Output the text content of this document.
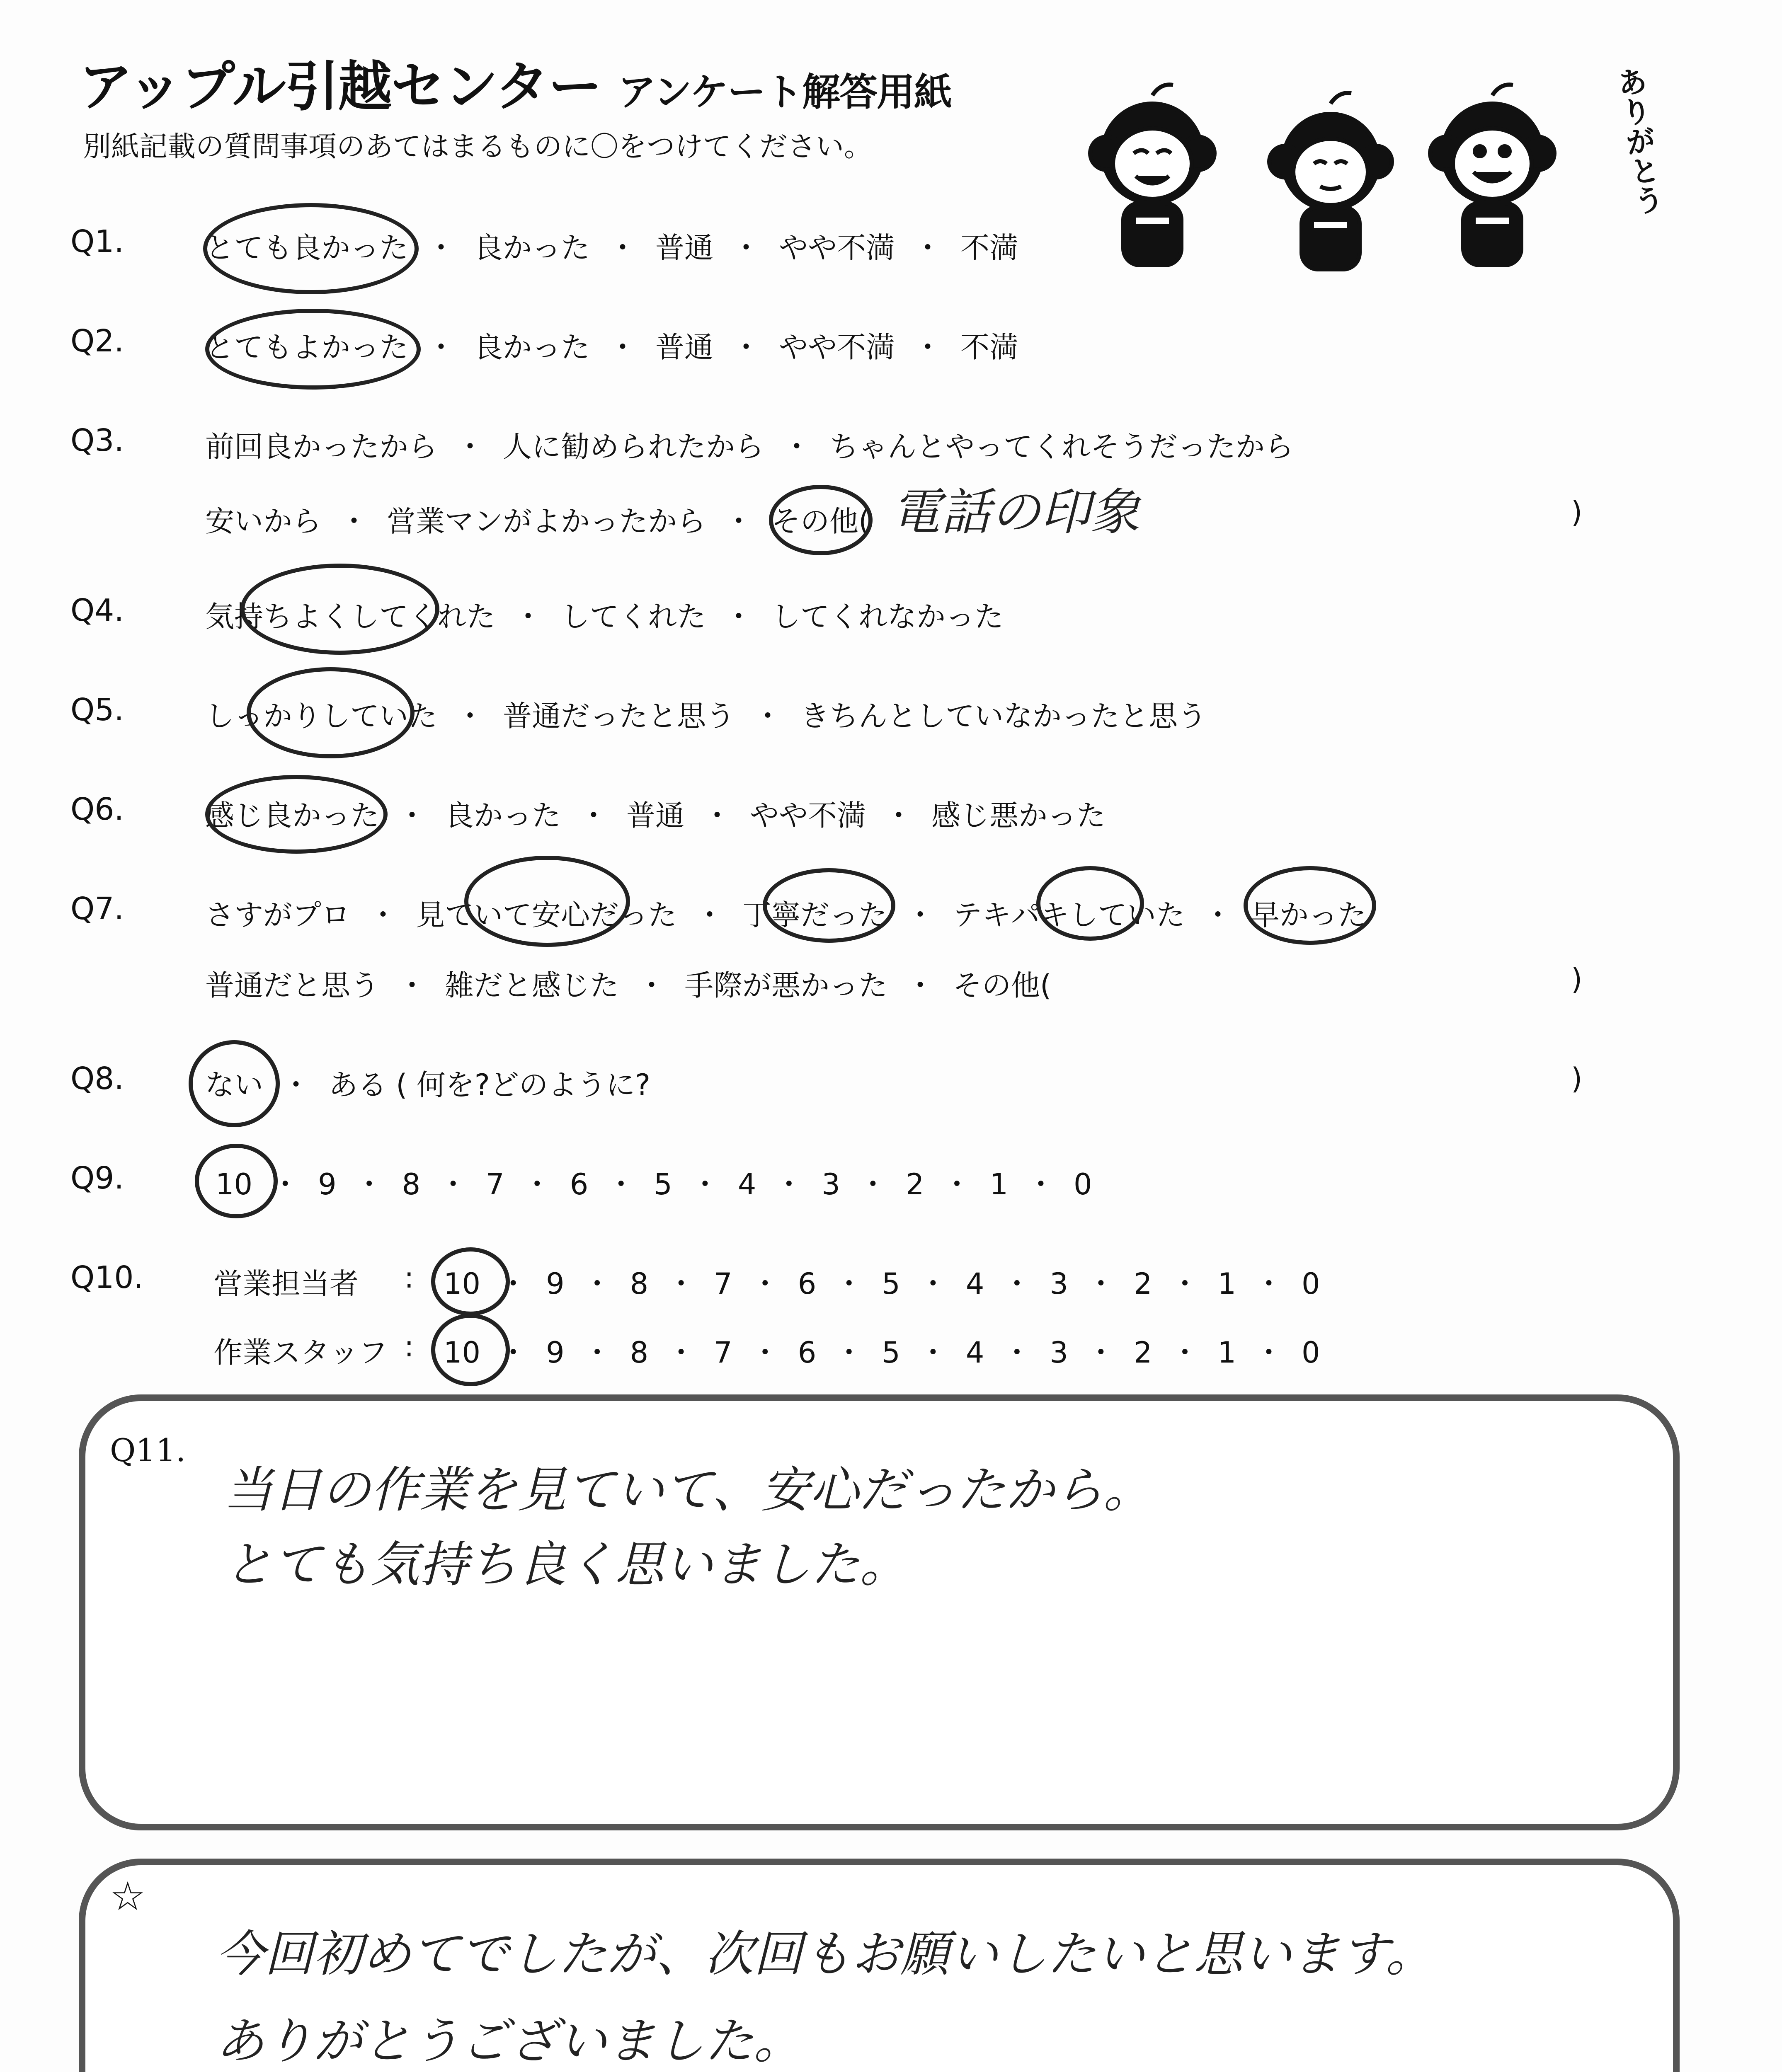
アップル引越センター アンケート解答用紙
別紙記載の質問事項のあてはまるものに〇をつけてください。	ありがとう
Q1.	とても良かった ・ 良かった ・ 普通 ・ やや不満 ・ 不満
Q2.	とてもよかった ・ 良かった ・ 普通 ・ やや不満 ・ 不満
Q3.	前回良かったから ・ 人に勧められたから ・ ちゃんとやってくれそうだったから
安いから ・ 営業マンがよかったから ・ その他( 電話の印象	)
Q4.	気持ちよくしてくれた ・ してくれた ・ してくれなかった
Q5.	しっかりしていた ・ 普通だったと思う ・ きちんとしていなかったと思う
Q6.	感じ良かった ・ 良かった ・ 普通 ・ やや不満 ・ 感じ悪かった
Q7.	さすがプロ ・ 見ていて安心だった ・ 丁寧だった ・ テキパキしていた ・ 早かった
普通だと思う ・ 雑だと感じた ・ 手際が悪かった ・ その他(	)
Q8.	ない ・ ある ( 何を?どのように?	)
Q9.	10 ・ 9 ・ 8 ・ 7 ・ 6 ・ 5 ・ 4 ・ 3 ・ 2 ・ 1 ・ 0
Q10. 営業担当者 : 10 ・ 9 ・ 8 ・ 7 ・ 6 ・ 5 ・ 4 ・ 3 ・ 2 ・ 1 ・ 0
作業スタッフ : 10 ・ 9 ・ 8 ・ 7 ・ 6 ・ 5 ・ 4 ・ 3 ・ 2 ・ 1 ・ 0
Q11.
当日の作業を見ていて、安心だったから。
とても気持ち良く思いました。
☆
今回初めてでしたが、次回もお願いしたいと思います。
ありがとうございました。
